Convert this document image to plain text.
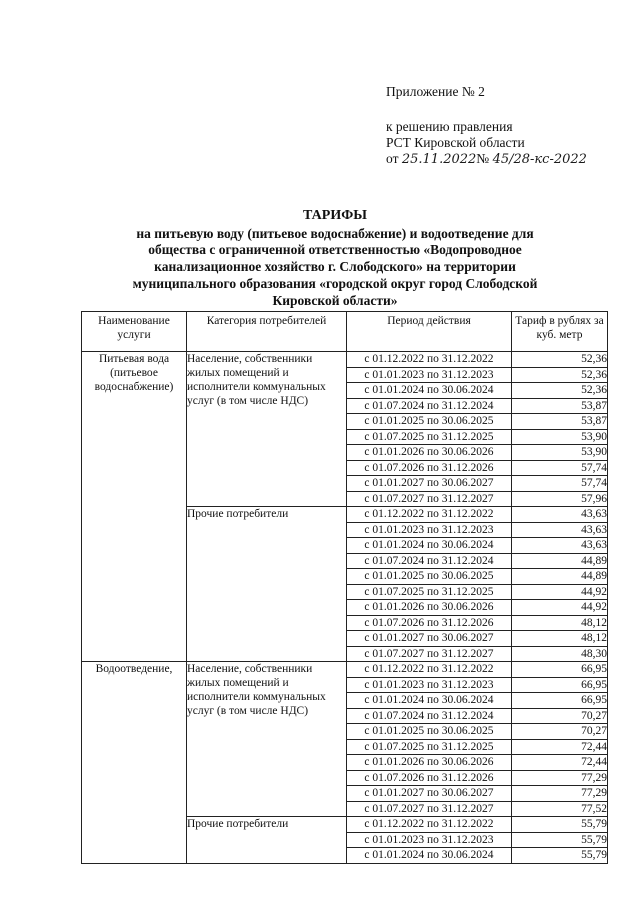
Приложение № 2
к решению правления
РСТ Кировской области
от 25.11.2022№ 45/28-кс-2022
ТАРИФЫ
на питьевую воду (питьевое водоснабжение) и водоотведение для
общества с ограниченной ответственностью «Водопроводное
канализационное хозяйство г. Слободского» на территории
муниципального образования «городской округ город Слободской
Кировской области»
Наименование услуги	Категория потребителей	Период действия	Тариф в рублях за куб. метр
Питьевая вода (питьевое водоснабжение)	Население, собственники жилых помещений и исполнители коммунальных услуг (в том числе НДС)	с 01.12.2022 по 31.12.2022	52,36
		с 01.01.2023 по 31.12.2023	52,36
		с 01.01.2024 по 30.06.2024	52,36
		с 01.07.2024 по 31.12.2024	53,87
		с 01.01.2025 по 30.06.2025	53,87
		с 01.07.2025 по 31.12.2025	53,90
		с 01.01.2026 по 30.06.2026	53,90
		с 01.07.2026 по 31.12.2026	57,74
		с 01.01.2027 по 30.06.2027	57,74
		с 01.07.2027 по 31.12.2027	57,96
	Прочие потребители	с 01.12.2022 по 31.12.2022	43,63
		с 01.01.2023 по 31.12.2023	43,63
		с 01.01.2024 по 30.06.2024	43,63
		с 01.07.2024 по 31.12.2024	44,89
		с 01.01.2025 по 30.06.2025	44,89
		с 01.07.2025 по 31.12.2025	44,92
		с 01.01.2026 по 30.06.2026	44,92
		с 01.07.2026 по 31.12.2026	48,12
		с 01.01.2027 по 30.06.2027	48,12
		с 01.07.2027 по 31.12.2027	48,30
Водоотведение,	Население, собственники жилых помещений и исполнители коммунальных услуг (в том числе НДС)	с 01.12.2022 по 31.12.2022	66,95
		с 01.01.2023 по 31.12.2023	66,95
		с 01.01.2024 по 30.06.2024	66,95
		с 01.07.2024 по 31.12.2024	70,27
		с 01.01.2025 по 30.06.2025	70,27
		с 01.07.2025 по 31.12.2025	72,44
		с 01.01.2026 по 30.06.2026	72,44
		с 01.07.2026 по 31.12.2026	77,29
		с 01.01.2027 по 30.06.2027	77,29
		с 01.07.2027 по 31.12.2027	77,52
	Прочие потребители	с 01.12.2022 по 31.12.2022	55,79
		с 01.01.2023 по 31.12.2023	55,79
		с 01.01.2024 по 30.06.2024	55,79
